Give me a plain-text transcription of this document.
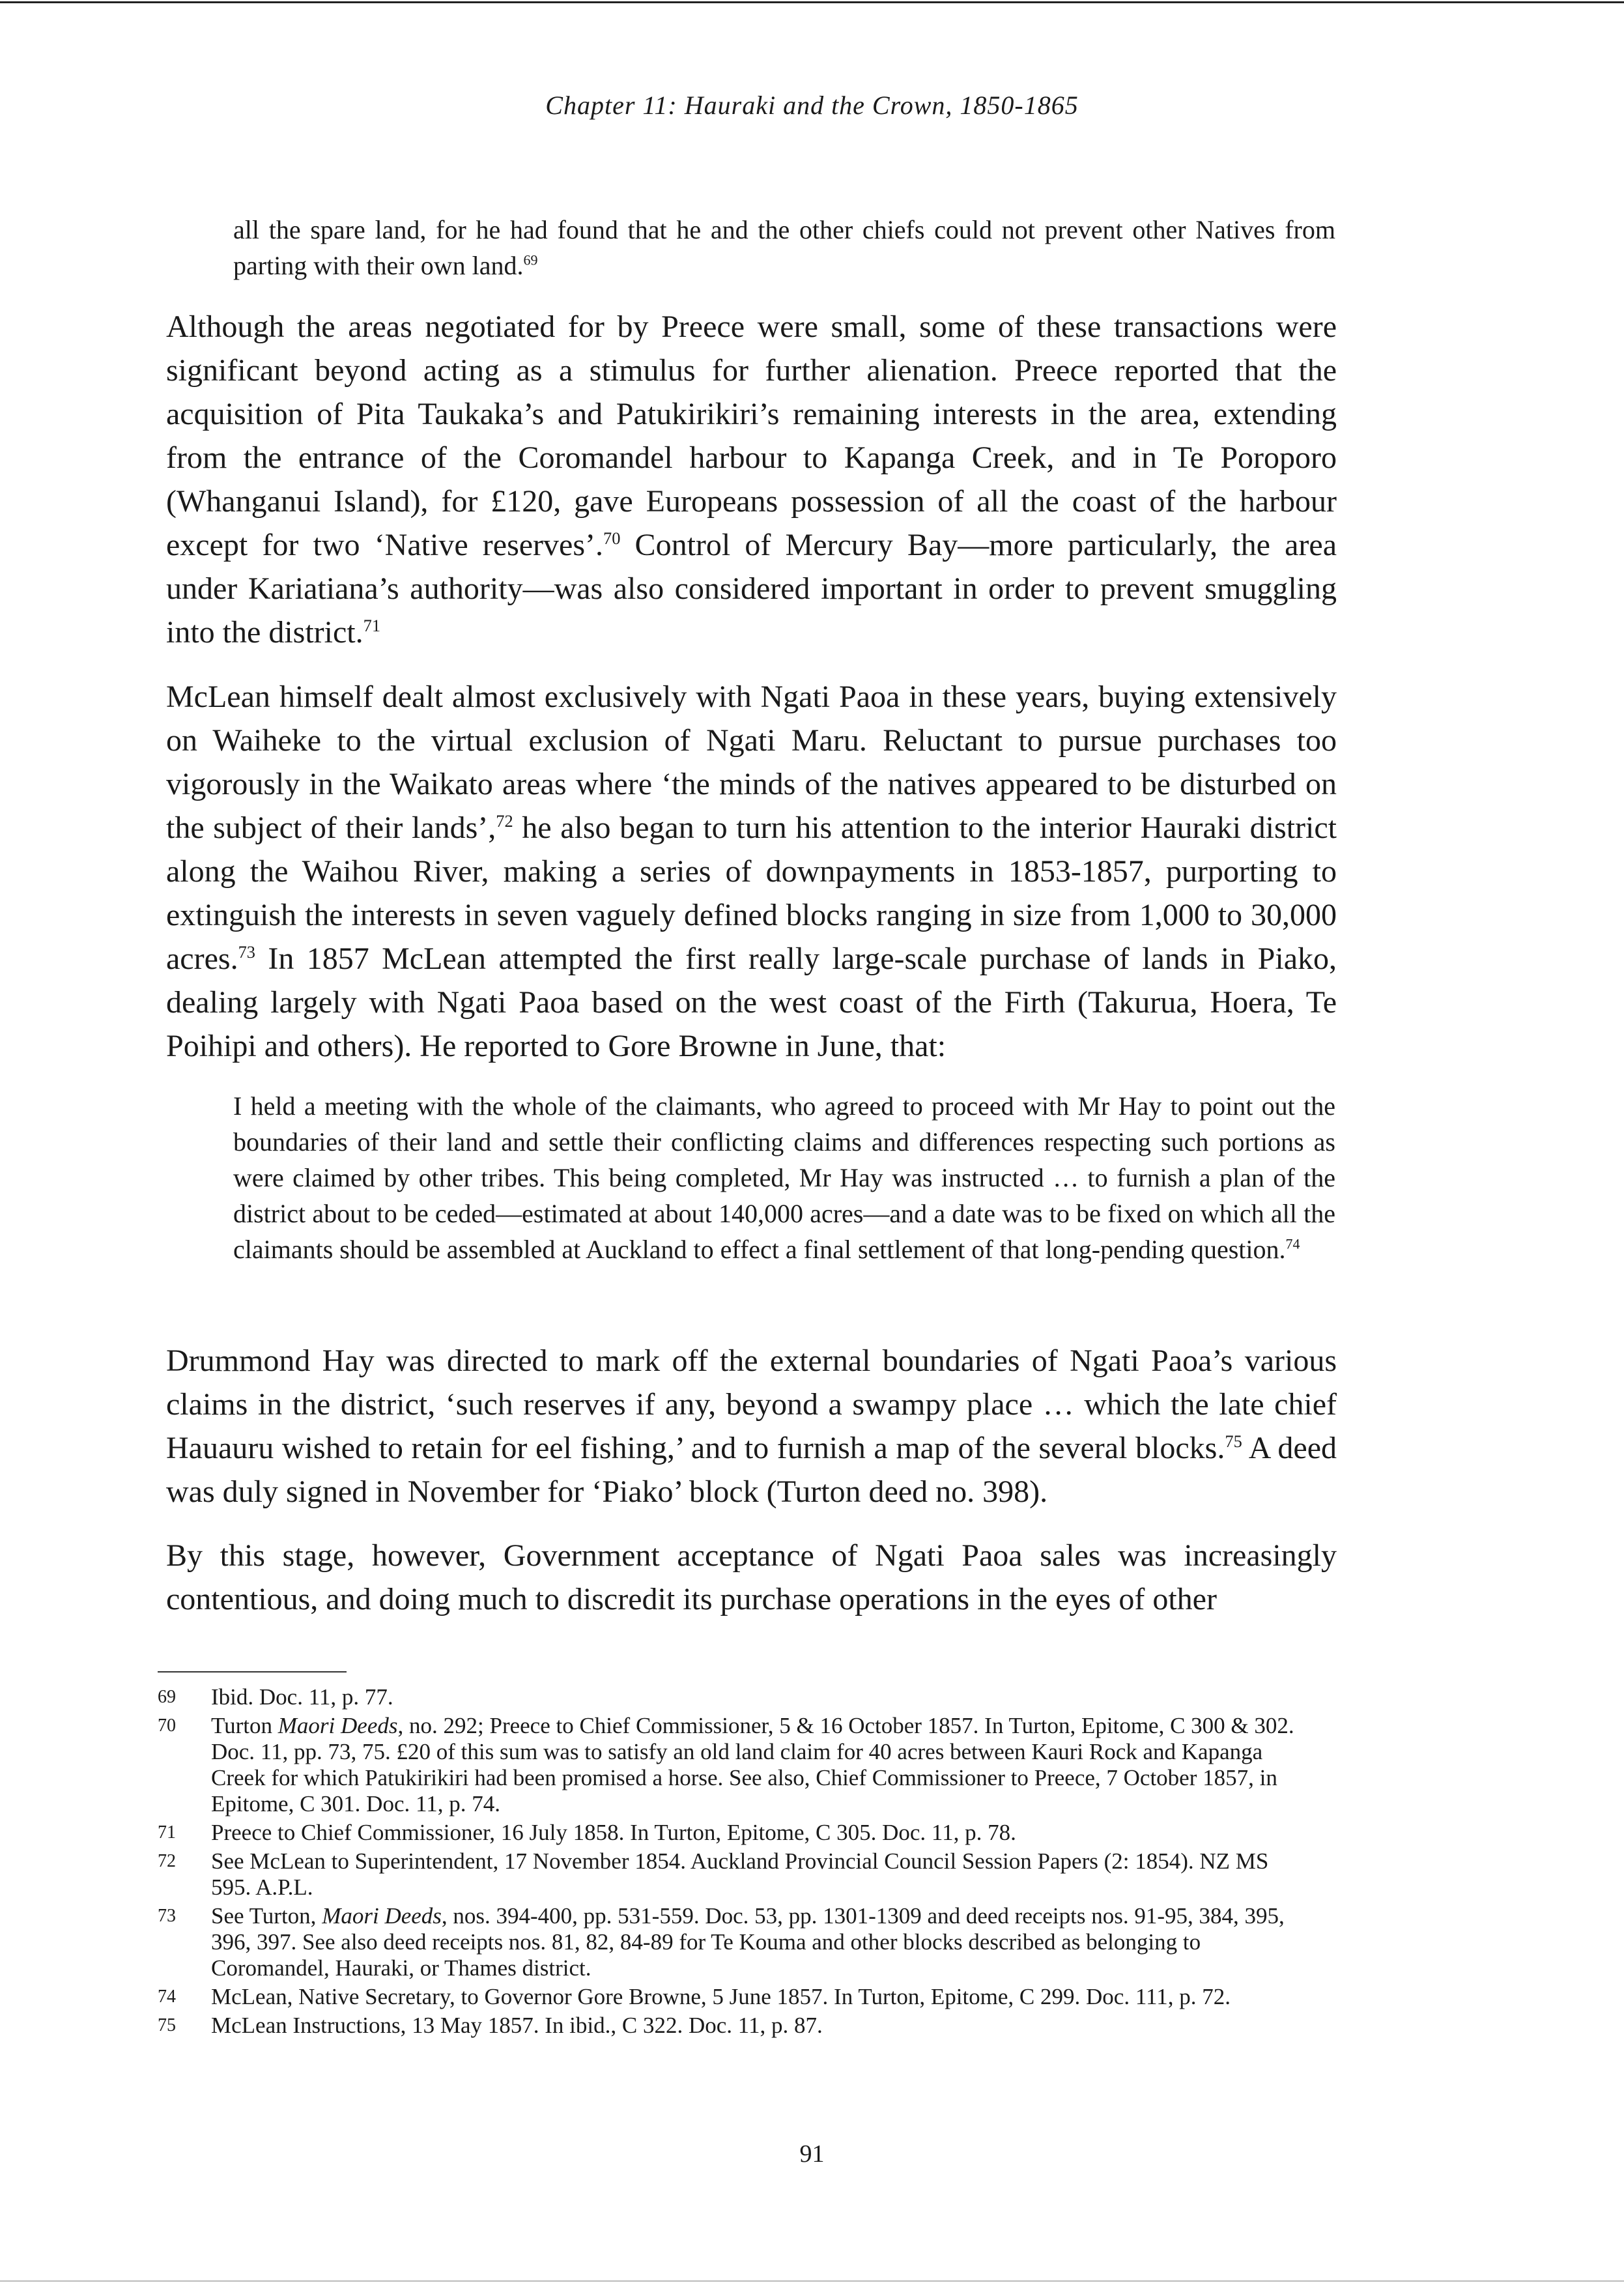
Chapter 11: Hauraki and the Crown, 1850-1865
all the spare land, for he had found that he and the other chiefs could not prevent other Natives from parting with their own land.$^{69}$
Although the areas negotiated for by Preece were small, some of these transactions were significant beyond acting as a stimulus for further alienation. Preece reported that the acquisition of Pita Taukaka’s and Patukirikiri’s remaining interests in the area, extending from the entrance of the Coromandel harbour to Kapanga Creek, and in Te Poroporo (Whanganui Island), for £120, gave Europeans possession of all the coast of the harbour except for two ‘Native reserves’.$^{70}$ Control of Mercury Bay—more particularly, the area under Kariatiana’s authority—was also considered important in order to prevent smuggling into the district.$^{71}$
McLean himself dealt almost exclusively with Ngati Paoa in these years, buying extensively on Waiheke to the virtual exclusion of Ngati Maru. Reluctant to pursue purchases too vigorously in the Waikato areas where ‘the minds of the natives appeared to be disturbed on the subject of their lands’,$^{72}$ he also began to turn his attention to the interior Hauraki district along the Waihou River, making a series of downpayments in 1853-1857, purporting to extinguish the interests in seven vaguely defined blocks ranging in size from 1,000 to 30,000 acres.$^{73}$ In 1857 McLean attempted the first really large-scale purchase of lands in Piako, dealing largely with Ngati Paoa based on the west coast of the Firth (Takurua, Hoera, Te Poihipi and others). He reported to Gore Browne in June, that:
I held a meeting with the whole of the claimants, who agreed to proceed with Mr Hay to point out the boundaries of their land and settle their conflicting claims and differences respecting such portions as were claimed by other tribes. This being completed, Mr Hay was instructed … to furnish a plan of the district about to be ceded—estimated at about 140,000 acres—and a date was to be fixed on which all the claimants should be assembled at Auckland to effect a final settlement of that long-pending question.$^{74}$
Drummond Hay was directed to mark off the external boundaries of Ngati Paoa’s various claims in the district, ‘such reserves if any, beyond a swampy place … which the late chief Hauauru wished to retain for eel fishing,’ and to furnish a map of the several blocks.$^{75}$ A deed was duly signed in November for ‘Piako’ block (Turton deed no. 398).
By this stage, however, Government acceptance of Ngati Paoa sales was increasingly contentious, and doing much to discredit its purchase operations in the eyes of other
69	Ibid. Doc. 11, p. 77.
70	Turton Maori Deeds, no. 292; Preece to Chief Commissioner, 5 & 16 October 1857. In Turton, Epitome, C 300 & 302. Doc. 11, pp. 73, 75. £20 of this sum was to satisfy an old land claim for 40 acres between Kauri Rock and Kapanga Creek for which Patukirikiri had been promised a horse. See also, Chief Commissioner to Preece, 7 October 1857, in Epitome, C 301. Doc. 11, p. 74.
71	Preece to Chief Commissioner, 16 July 1858. In Turton, Epitome, C 305. Doc. 11, p. 78.
72	See McLean to Superintendent, 17 November 1854. Auckland Provincial Council Session Papers (2: 1854). NZ MS 595. A.P.L.
73	See Turton, Maori Deeds, nos. 394-400, pp. 531-559. Doc. 53, pp. 1301-1309 and deed receipts nos. 91-95, 384, 395, 396, 397. See also deed receipts nos. 81, 82, 84-89 for Te Kouma and other blocks described as belonging to Coromandel, Hauraki, or Thames district.
74	McLean, Native Secretary, to Governor Gore Browne, 5 June 1857. In Turton, Epitome, C 299. Doc. 111, p. 72.
75	McLean Instructions, 13 May 1857. In ibid., C 322. Doc. 11, p. 87.
91
